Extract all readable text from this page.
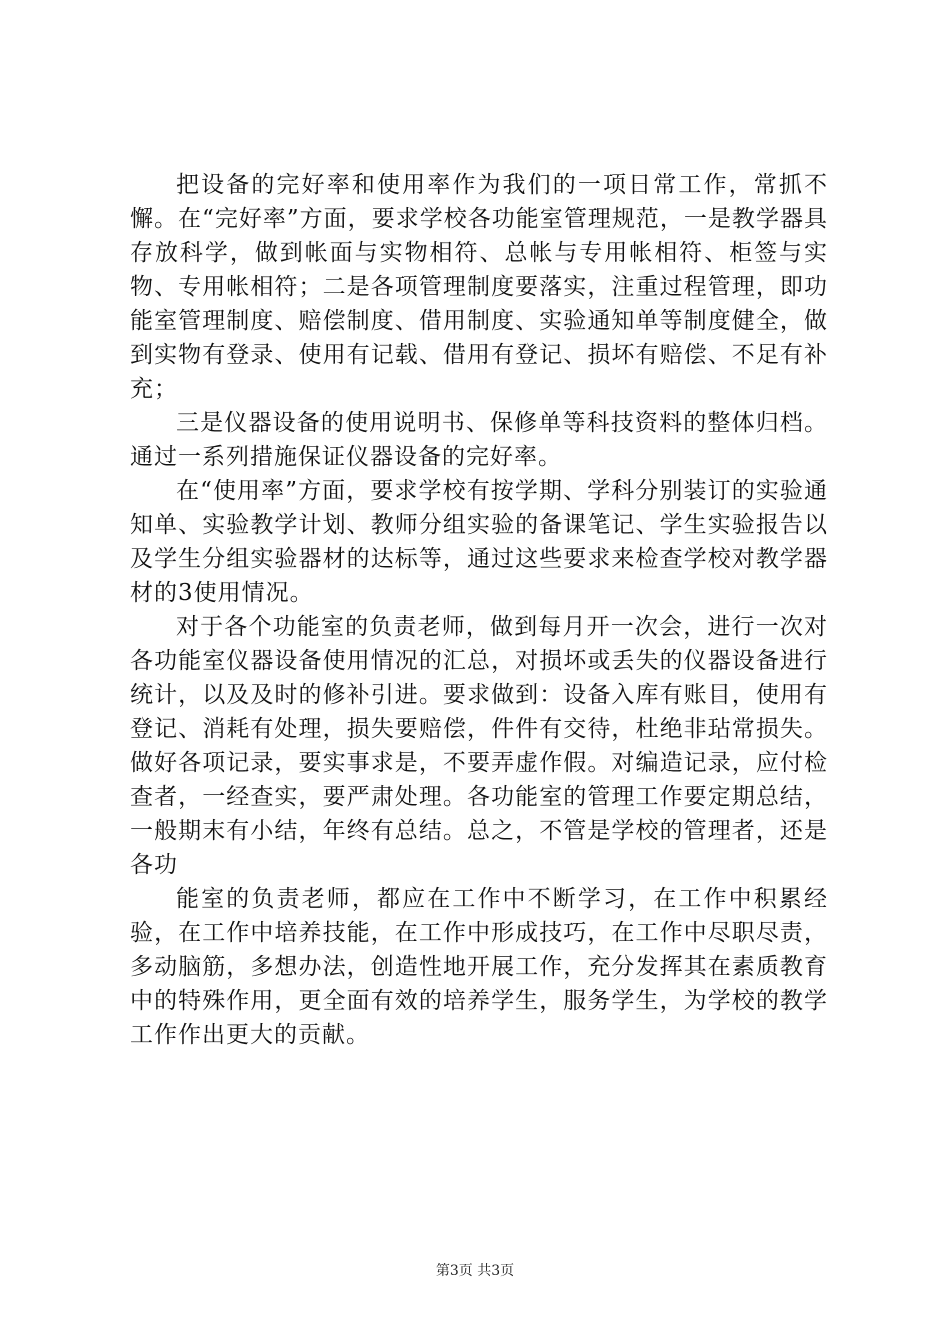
把设备的完好率和使用率作为我们的一项日常工作，常抓不懈。在“完好率”方面，要求学校各功能室管理规范，一是教学器具存放科学，做到帐面与实物相符、总帐与专用帐相符、柜签与实物、专用帐相符；二是各项管理制度要落实，注重过程管理，即功能室管理制度、赔偿制度、借用制度、实验通知单等制度健全，做到实物有登录、使用有记载、借用有登记、损坏有赔偿、不足有补充；

三是仪器设备的使用说明书、保修单等科技资料的整体归档。通过一系列措施保证仪器设备的完好率。

在“使用率”方面，要求学校有按学期、学科分别装订的实验通知单、实验教学计划、教师分组实验的备课笔记、学生实验报告以及学生分组实验器材的达标等，通过这些要求来检查学校对教学器材的3使用情况。

对于各个功能室的负责老师，做到每月开一次会，进行一次对各功能室仪器设备使用情况的汇总，对损坏或丢失的仪器设备进行统计，以及及时的修补引进。要求做到：设备入库有账目，使用有登记、消耗有处理，损失要赔偿，件件有交待，杜绝非玷常损失。做好各项记录，要实事求是，不要弄虚作假。对编造记录，应付检查者，一经查实，要严肃处理。各功能室的管理工作要定期总结，一般期末有小结，年终有总结。总之，不管是学校的管理者，还是各功

能室的负责老师，都应在工作中不断学习，在工作中积累经验，在工作中培养技能，在工作中形成技巧，在工作中尽职尽责，多动脑筋，多想办法，创造性地开展工作，充分发挥其在素质教育中的特殊作用，更全面有效的培养学生，服务学生，为学校的教学工作作出更大的贡献。

第3页 共3页
